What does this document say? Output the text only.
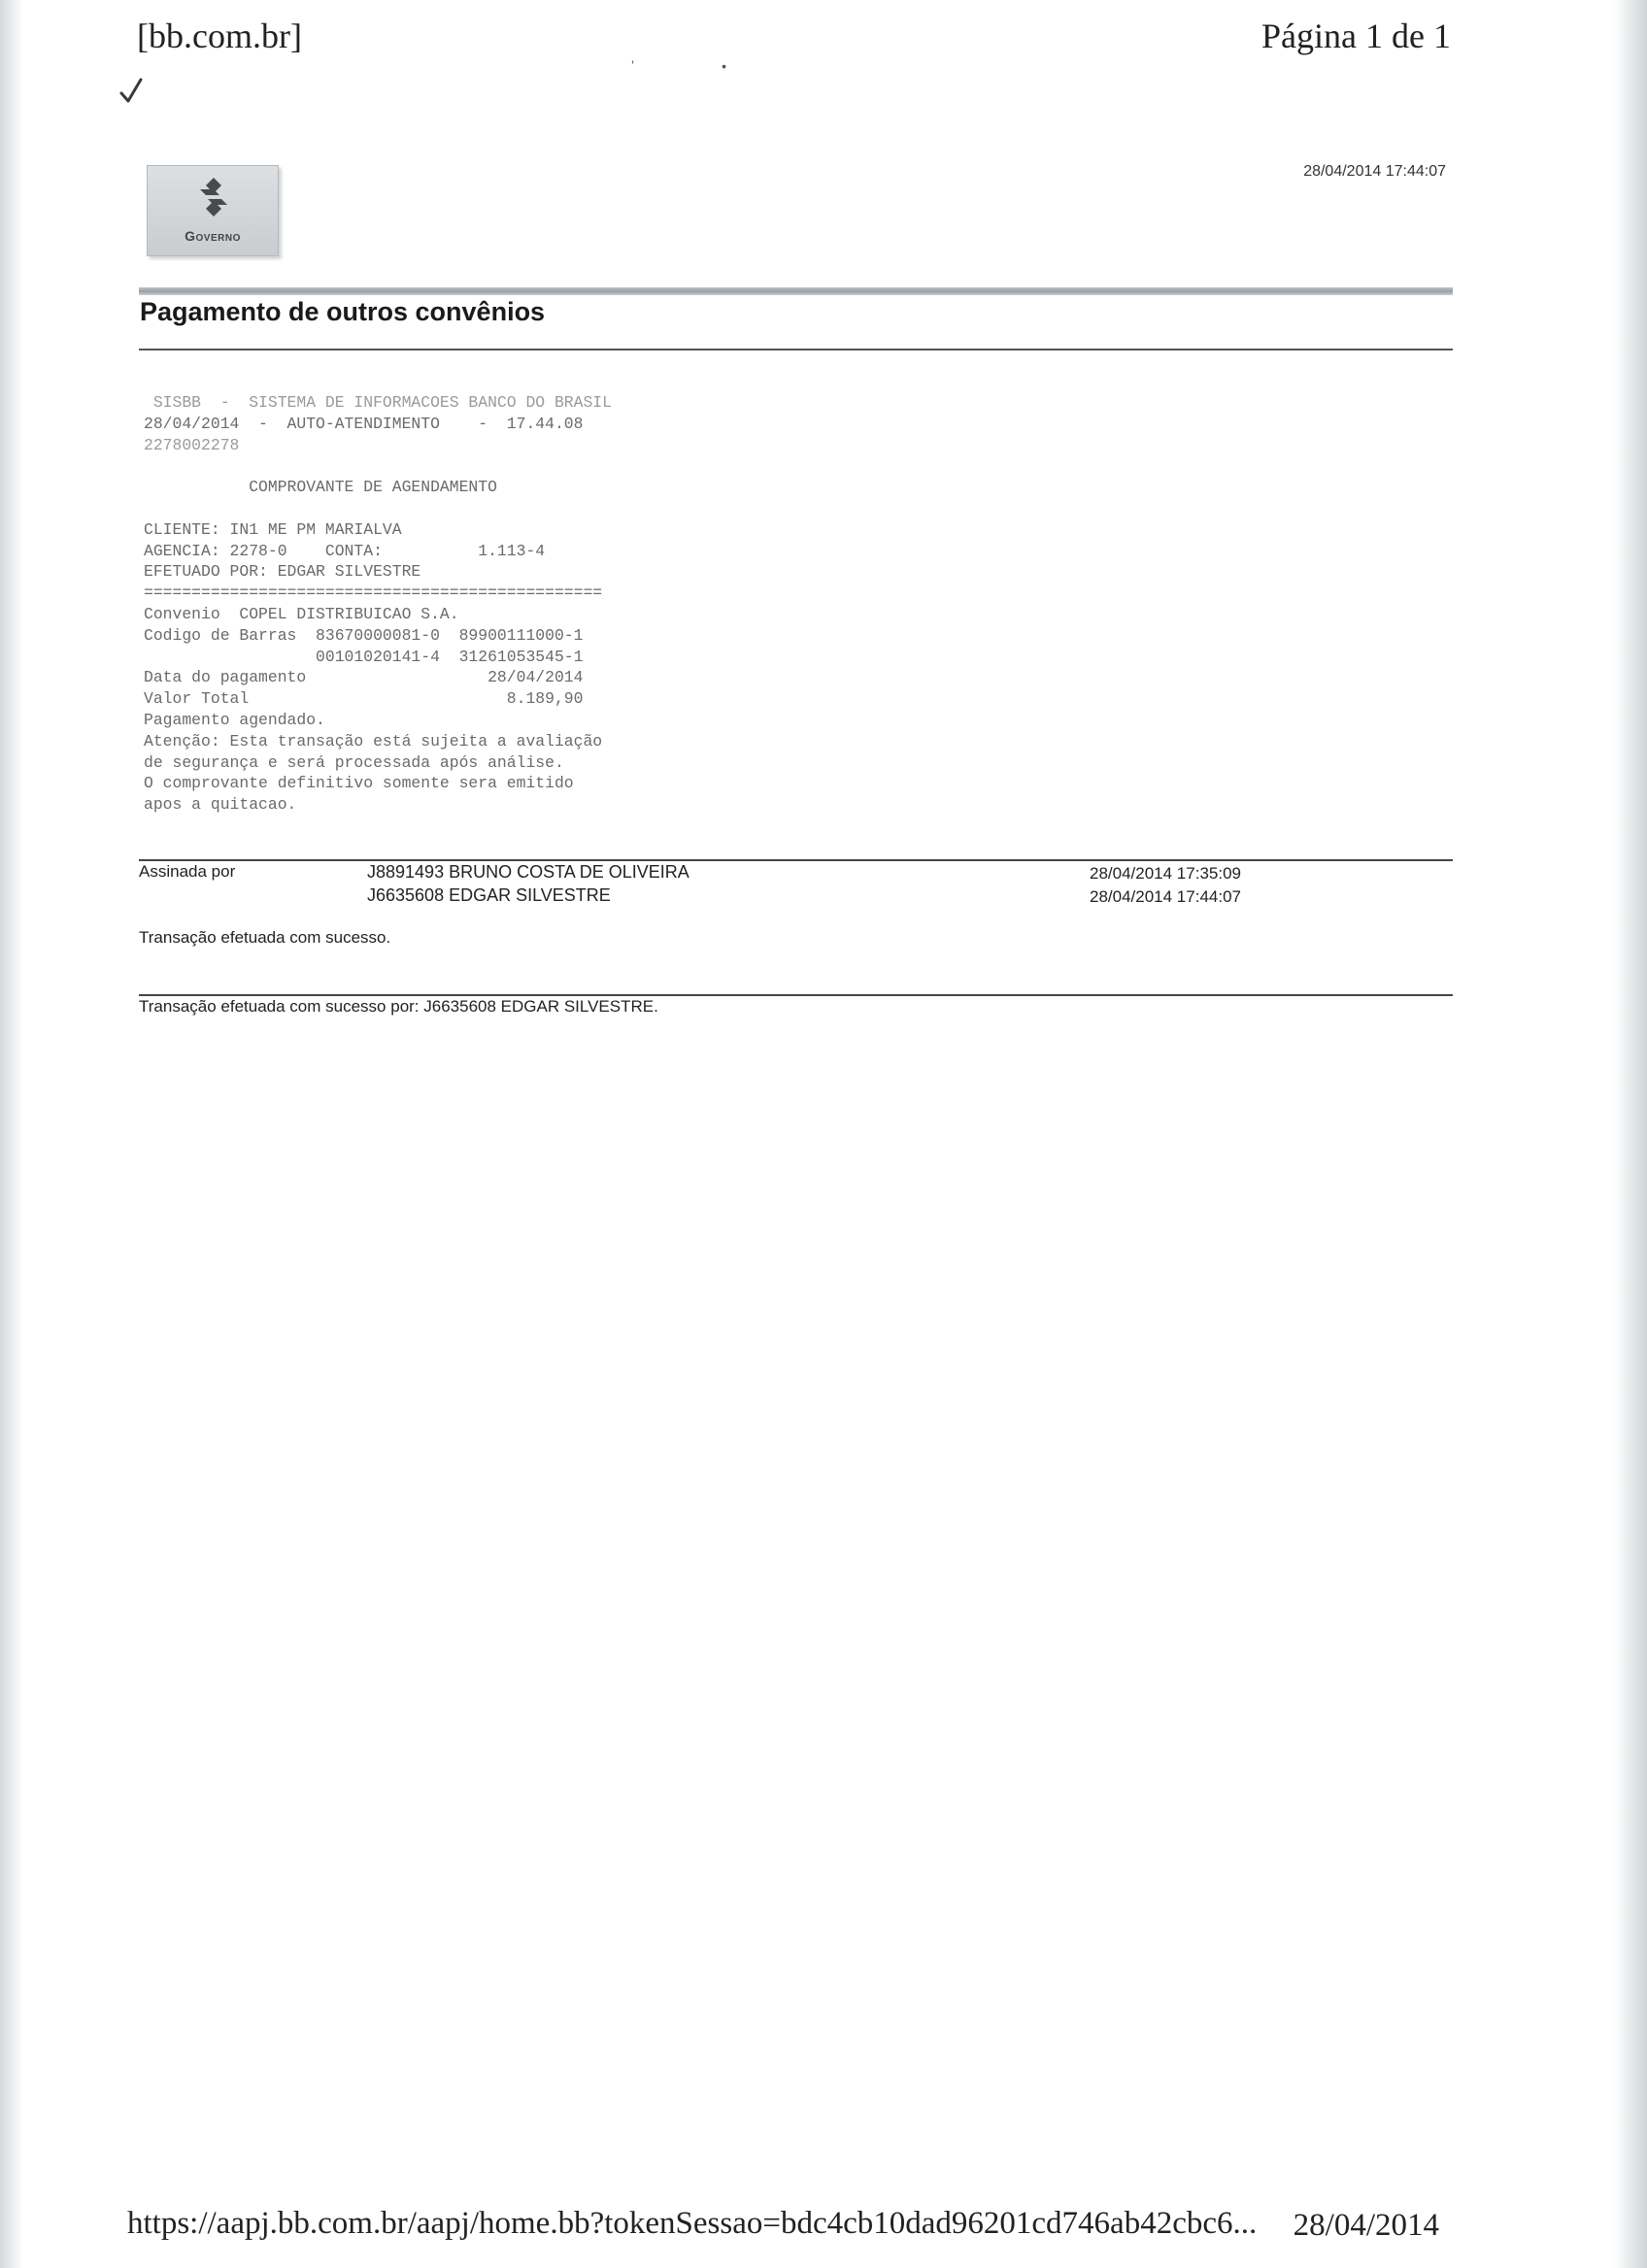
[bb.com.br]	Página 1 de 1
ʼ•
Governo
28/04/2014 17:44:07
Pagamento de outros convênios
SISBB  -  SISTEMA DE INFORMACOES BANCO DO BRASIL
28/04/2014  -  AUTO-ATENDIMENTO    -  17.44.08
2278002278

COMPROVANTE DE AGENDAMENTO

CLIENTE: IN1 ME PM MARIALVA
AGENCIA: 2278-0    CONTA:          1.113-4
EFETUADO POR: EDGAR SILVESTRE
================================================
Convenio  COPEL DISTRIBUICAO S.A.
Codigo de Barras  83670000081-0  89900111000-1
00101020141-4  31261053545-1
Data do pagamento                   28/04/2014
Valor Total                           8.189,90
Pagamento agendado.
Atenção: Esta transação está sujeita a avaliação
de segurança e será processada após análise.
O comprovante definitivo somente sera emitido
apos a quitacao.
Assinada por	J8891493 BRUNO COSTA DE OLIVEIRA	28/04/2014 17:35:09
J6635608 EDGAR SILVESTRE	28/04/2014 17:44:07
Transação efetuada com sucesso.
Transação efetuada com sucesso por: J6635608 EDGAR SILVESTRE.
https://aapj.bb.com.br/aapj/home.bb?tokenSessao=bdc4cb10dad96201cd746ab42cbc6... 28/04/2014
